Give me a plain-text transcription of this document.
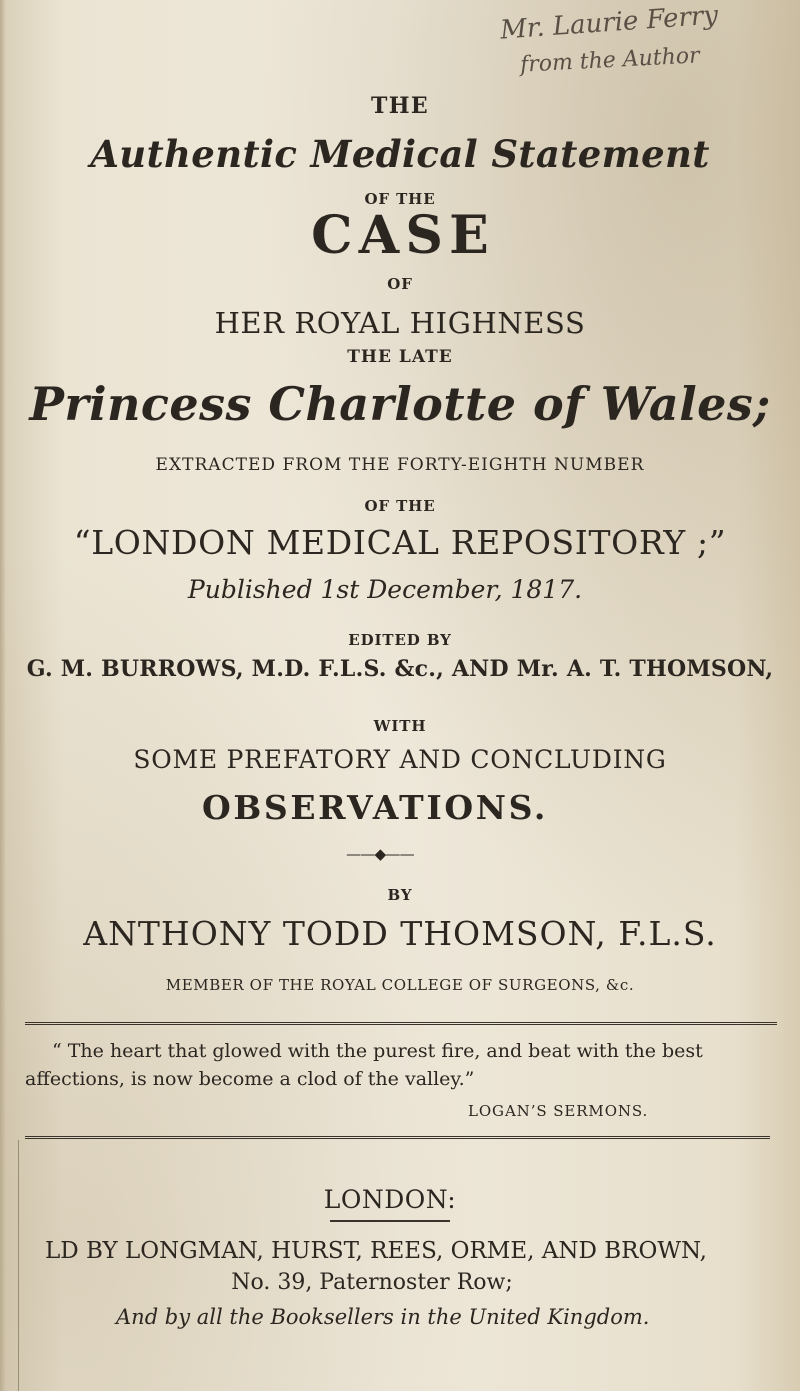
Mr. Laurie Ferry
from the Author
THE
Authentic Medical Statement
OF THE
CASE
OF
HER ROYAL HIGHNESS
THE LATE
Princess Charlotte of Wales;
EXTRACTED FROM THE FORTY-EIGHTH NUMBER
OF THE
“LONDON MEDICAL REPOSITORY ;”
Published 1st December, 1817.
EDITED BY
G. M. BURROWS, M.D. F.L.S. &c., AND Mr. A. T. THOMSON,
WITH
SOME PREFATORY AND CONCLUDING
OBSERVATIONS.
——◆——
BY
ANTHONY TODD THOMSON, F.L.S.
MEMBER OF THE ROYAL COLLEGE OF SURGEONS, &c.
“ The heart that glowed with the purest fire, and beat with the best
affections, is now become a clod of the valley.”
LOGAN’S SERMONS.
LONDON:
LD BY LONGMAN, HURST, REES, ORME, AND BROWN,
No. 39, Paternoster Row;
And by all the Booksellers in the United Kingdom.
